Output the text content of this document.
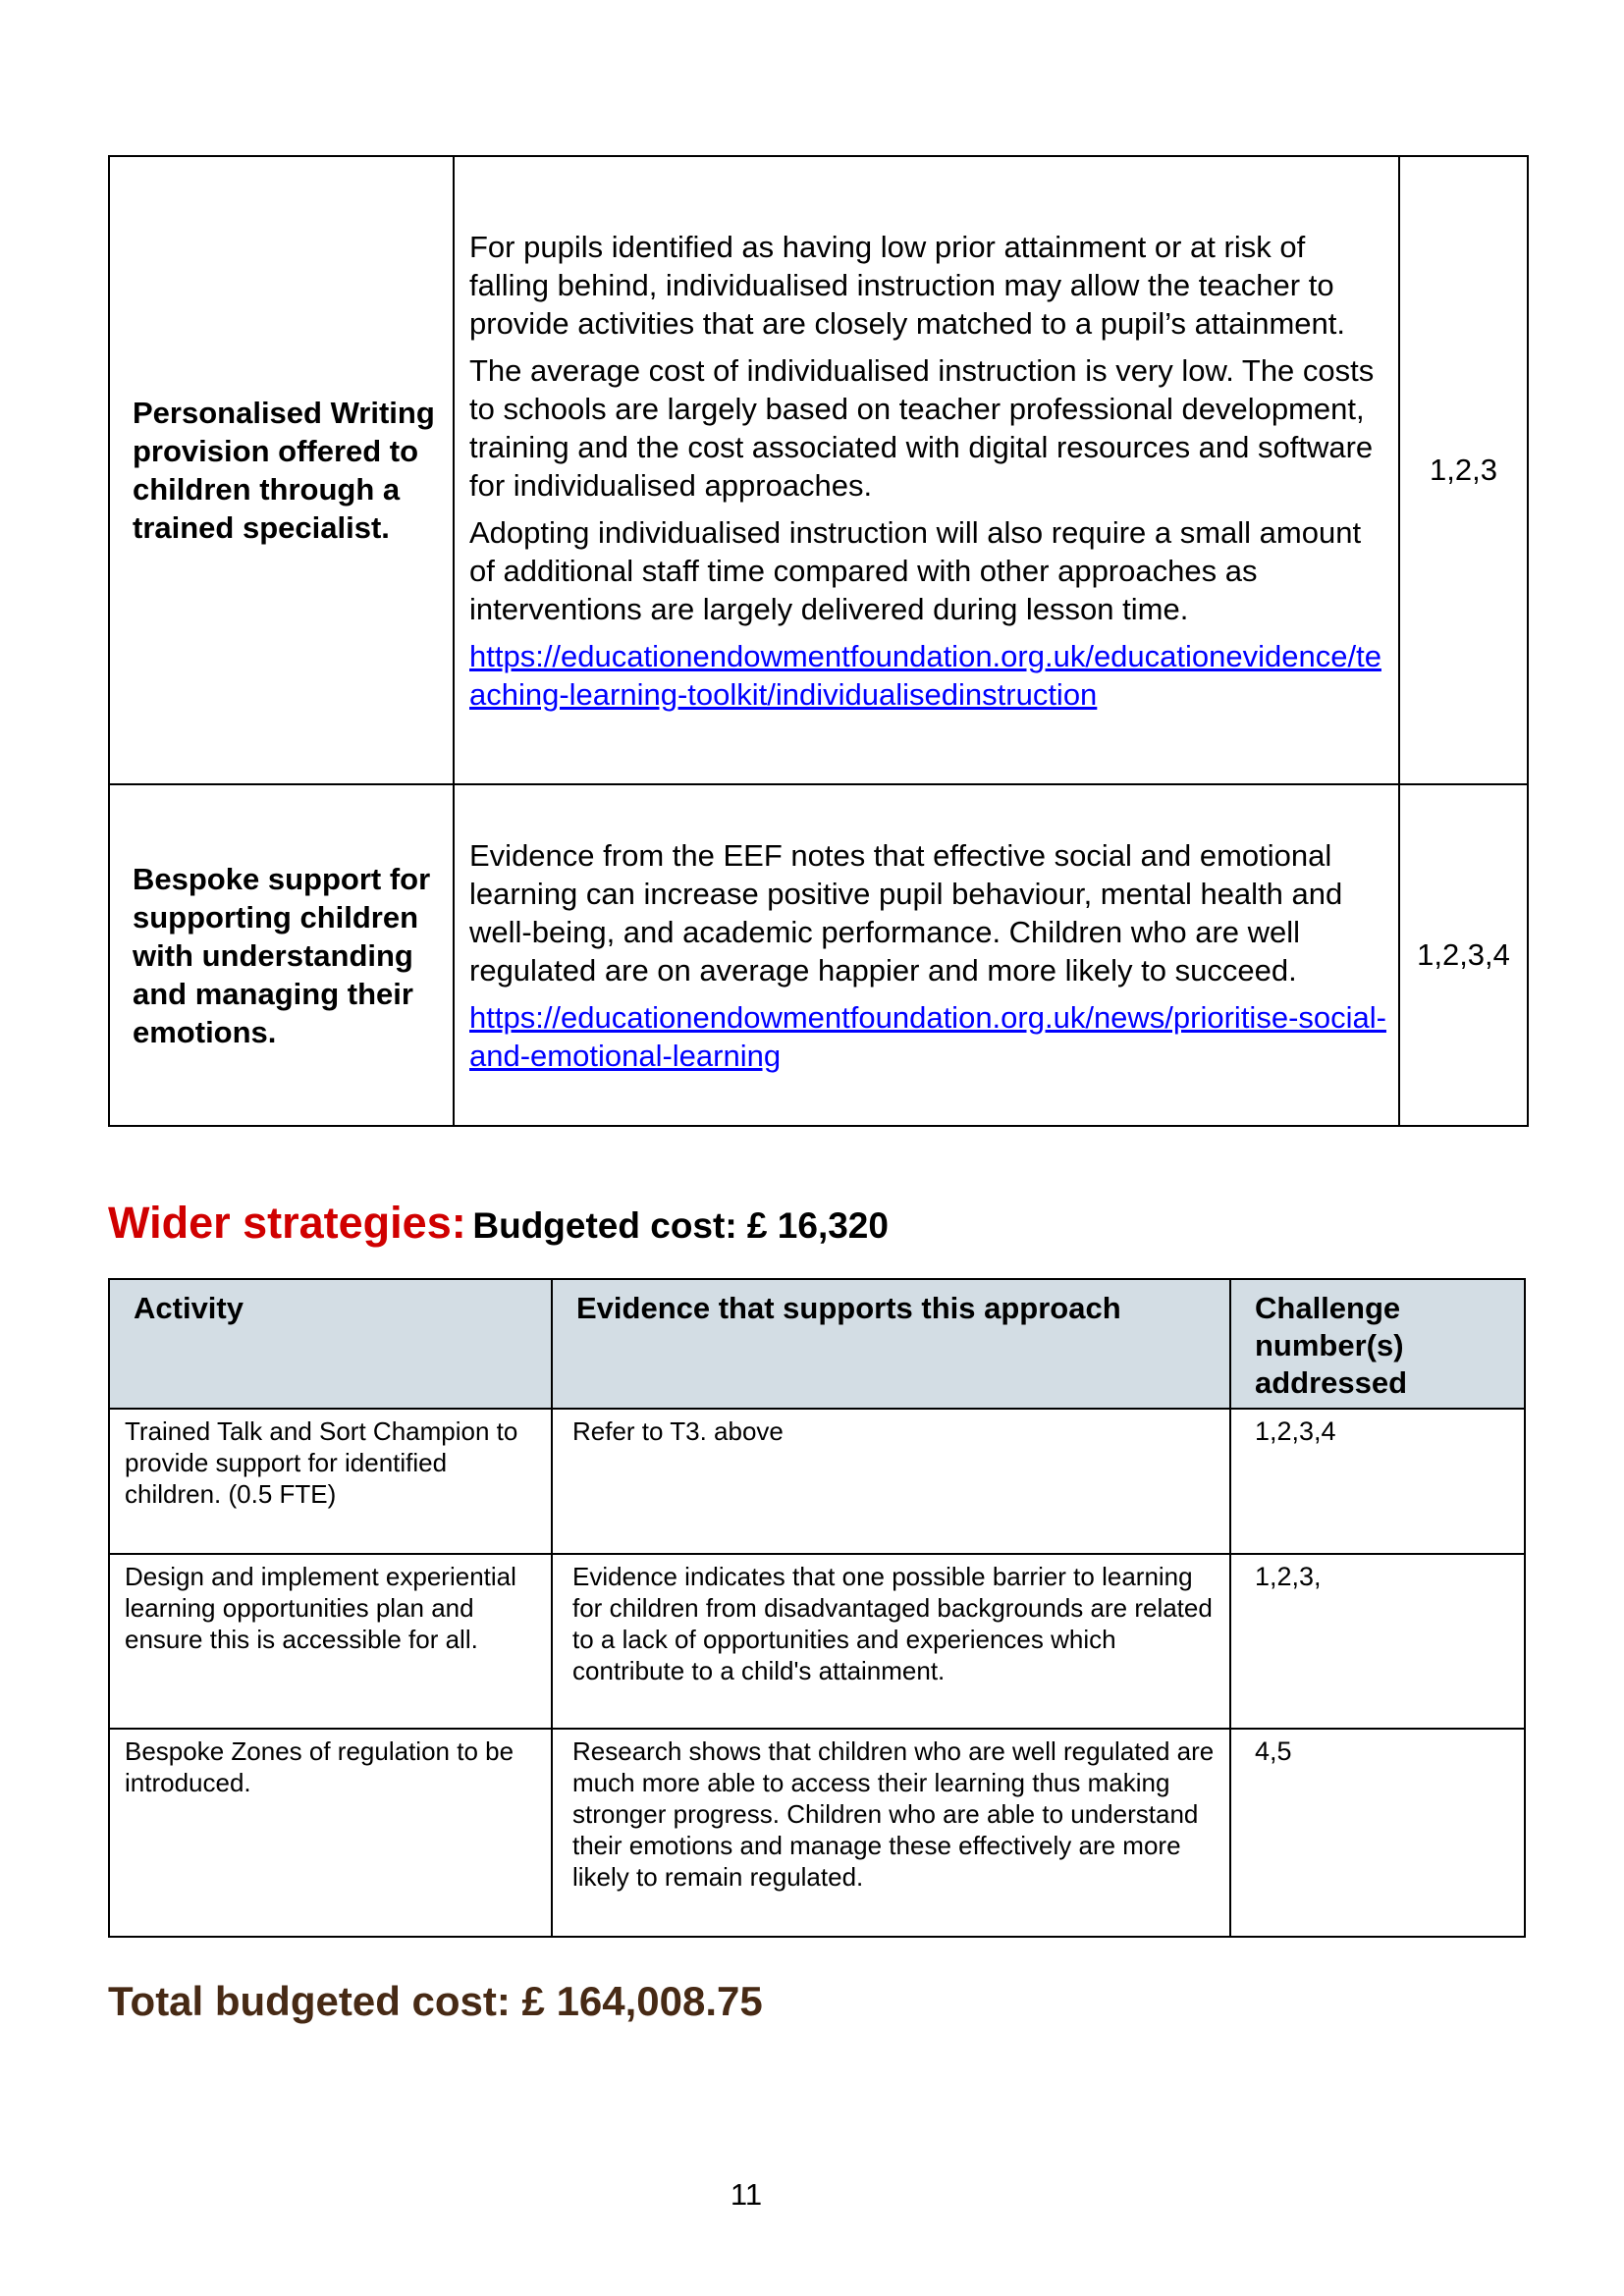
Personalised Writing provision offered to children through a trained specialist.	For pupils identified as having low prior attainment or at risk of falling behind, individualised instruction may allow the teacher to provide activities that are closely matched to a pupil’s attainment.

The average cost of individualised instruction is very low. The costs to schools are largely based on teacher professional development, training and the cost associated with digital resources and software for individualised approaches.

Adopting individualised instruction will also require a small amount of additional staff time compared with other approaches as interventions are largely delivered during lesson time.

https://educationendowmentfoundation.org.uk/educationevidence/teaching-learning-toolkit/individualisedinstruction	1,2,3
Bespoke support for supporting children with understanding and managing their emotions.	Evidence from the EEF notes that effective social and emotional learning can increase positive pupil behaviour, mental health and well-being, and academic performance. Children who are well regulated are on average happier and more likely to succeed.

https://educationendowmentfoundation.org.uk/news/prioritise-social-and-emotional-learning	1,2,3,4
Wider strategies: Budgeted cost: £ 16,320
Activity	Evidence that supports this approach	Challenge number(s) addressed
Trained Talk and Sort Champion to provide support for identified children. (0.5 FTE)	Refer to T3. above	1,2,3,4
Design and implement experiential learning opportunities plan and ensure this is accessible for all.	Evidence indicates that one possible barrier to learning for children from disadvantaged backgrounds are related to a lack of opportunities and experiences which contribute to a child's attainment.	1,2,3,
Bespoke Zones of regulation to be introduced.	Research shows that children who are well regulated are much more able to access their learning thus making stronger progress. Children who are able to understand their emotions and manage these effectively are more likely to remain regulated.	4,5
Total budgeted cost: £ 164,008.75
11
